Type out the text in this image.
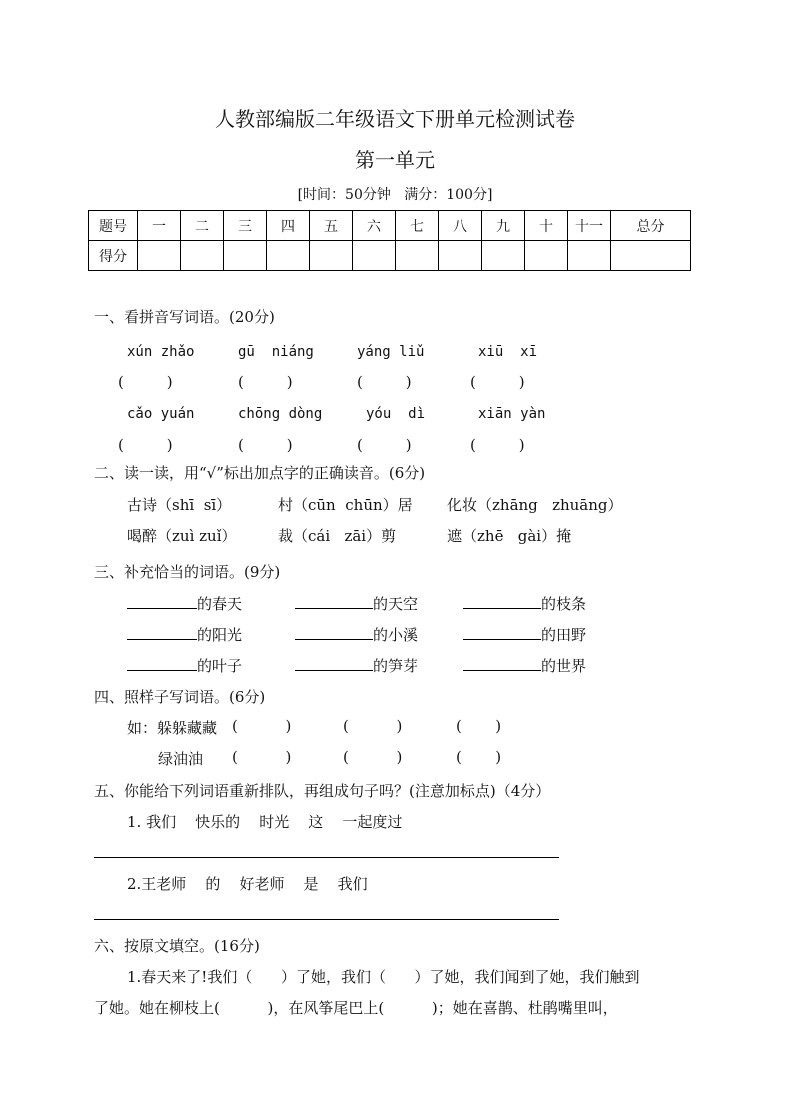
人教部编版二年级语文下册单元检测试卷
第一单元
[时间：50分钟   满分：100分]
题号	一	二	三	四	五	六	七	八	九	十	十一	总分
得分												
一、看拼音写词语。(20分)
xún zhǎo	gū  niáng	yáng liǔ	xiū  xī
(         )	(         )	(         )	(         )
cǎo yuán	chōng dòng	yóu  dì	xiān yàn
(         )	(         )	(         )	(         )
二、读一读，用“√”标出加点字的正确读音。(6分)
古诗（shī  sī）	村（cūn  chūn）居 化妆（zhāng   zhuāng）
喝醉（zuì zuǐ）	裁（cái   zāi）剪	遮（zhē   gài）掩
三、补充恰当的词语。(9分)
的春天	的天空	的枝条
的阳光	的小溪	的田野
的叶子	的笋芽	的世界
四、照样子写词语。(6分)
如：躲躲藏藏 (          )	(          )	(       )
绿油油 (          )	(          )	(       )
五、你能给下列词语重新排队，再组成句子吗？(注意加标点)（4分）
1. 我们    快乐的    时光    这    一起度过
2.王老师    的    好老师    是    我们
六、按原文填空。(16分)
1.春天来了!我们（      ）了她，我们（      ）了她，我们闻到了她，我们触到
了她。她在柳枝上(          )，在风筝尾巴上(          )；她在喜鹊、杜鹃嘴里叫，
